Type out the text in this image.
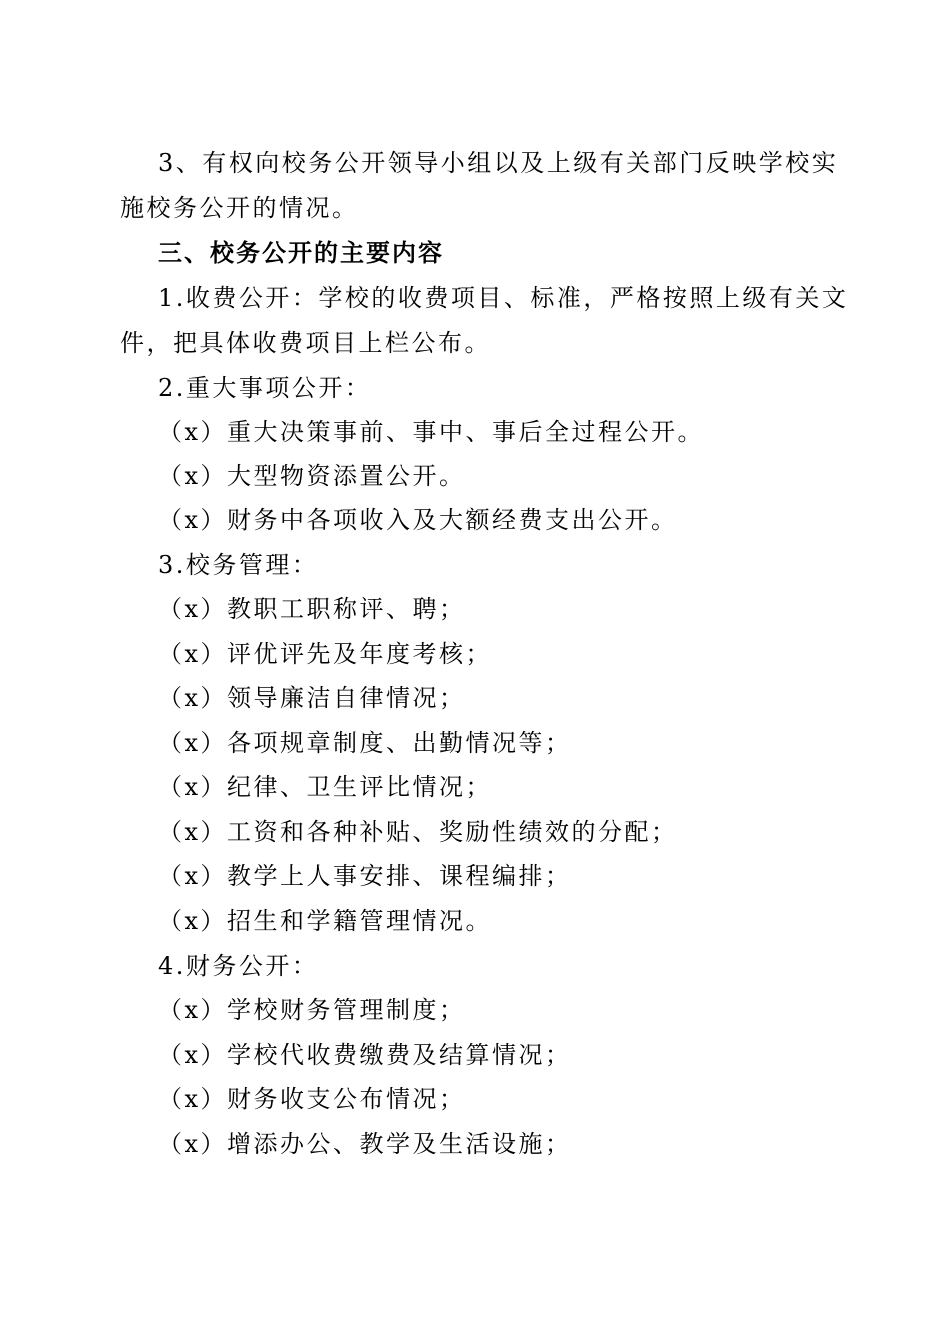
3、有权向校务公开领导小组以及上级有关部门反映学校实
施校务公开的情况。
三、校务公开的主要内容
1.收费公开：学校的收费项目、标准，严格按照上级有关文
件，把具体收费项目上栏公布。
2.重大事项公开：
（x）重大决策事前、事中、事后全过程公开。
（x）大型物资添置公开。
（x）财务中各项收入及大额经费支出公开。
3.校务管理：
（x）教职工职称评、聘；
（x）评优评先及年度考核；
（x）领导廉洁自律情况；
（x）各项规章制度、出勤情况等；
（x）纪律、卫生评比情况；
（x）工资和各种补贴、奖励性绩效的分配；
（x）教学上人事安排、课程编排；
（x）招生和学籍管理情况。
4.财务公开：
（x）学校财务管理制度；
（x）学校代收费缴费及结算情况；
（x）财务收支公布情况；
（x）增添办公、教学及生活设施；
